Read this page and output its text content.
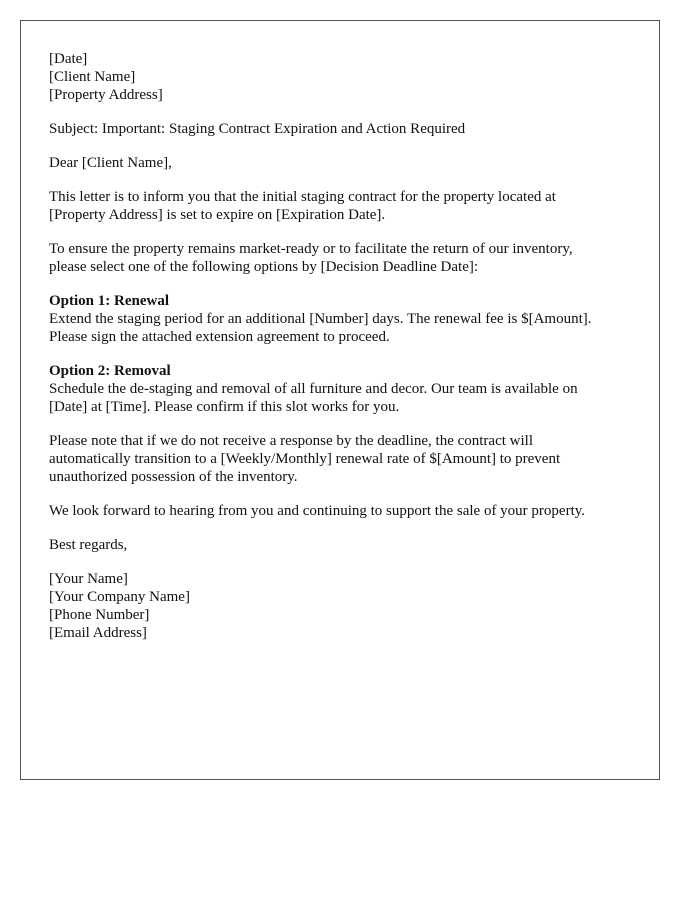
[Date]
[Client Name]
[Property Address]
Subject: Important: Staging Contract Expiration and Action Required
Dear [Client Name],
This letter is to inform you that the initial staging contract for the property located at
[Property Address] is set to expire on [Expiration Date].
To ensure the property remains market-ready or to facilitate the return of our inventory,
please select one of the following options by [Decision Deadline Date]:
Option 1: Renewal
Extend the staging period for an additional [Number] days. The renewal fee is $[Amount].
Please sign the attached extension agreement to proceed.
Option 2: Removal
Schedule the de-staging and removal of all furniture and decor. Our team is available on
[Date] at [Time]. Please confirm if this slot works for you.
Please note that if we do not receive a response by the deadline, the contract will
automatically transition to a [Weekly/Monthly] renewal rate of $[Amount] to prevent
unauthorized possession of the inventory.
We look forward to hearing from you and continuing to support the sale of your property.
Best regards,
[Your Name]
[Your Company Name]
[Phone Number]
[Email Address]
